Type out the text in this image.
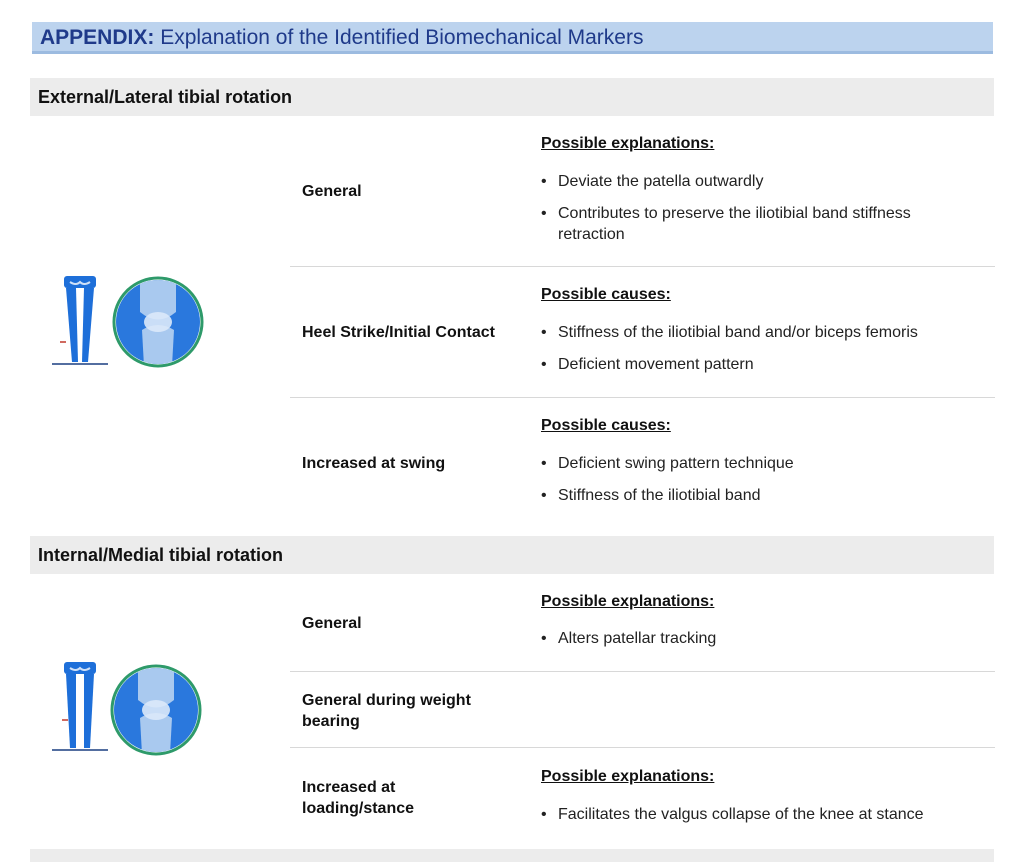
APPENDIX: Explanation of the Identified Biomechanical Markers
External/Lateral tibial rotation
General
Possible explanations:
• Deviate the patella outwardly
• Contributes to preserve the iliotibial band stiffness retraction
Heel Strike/Initial Contact
Possible causes:
• Stiffness of the iliotibial band and/or biceps femoris
• Deficient movement pattern
Increased at swing
Possible causes:
• Deficient swing pattern technique
• Stiffness of the iliotibial band
Internal/Medial tibial rotation
General
Possible explanations:
• Alters patellar tracking
General during weight bearing
Increased at loading/stance
Possible explanations:
• Facilitates the valgus collapse of the knee at stance
